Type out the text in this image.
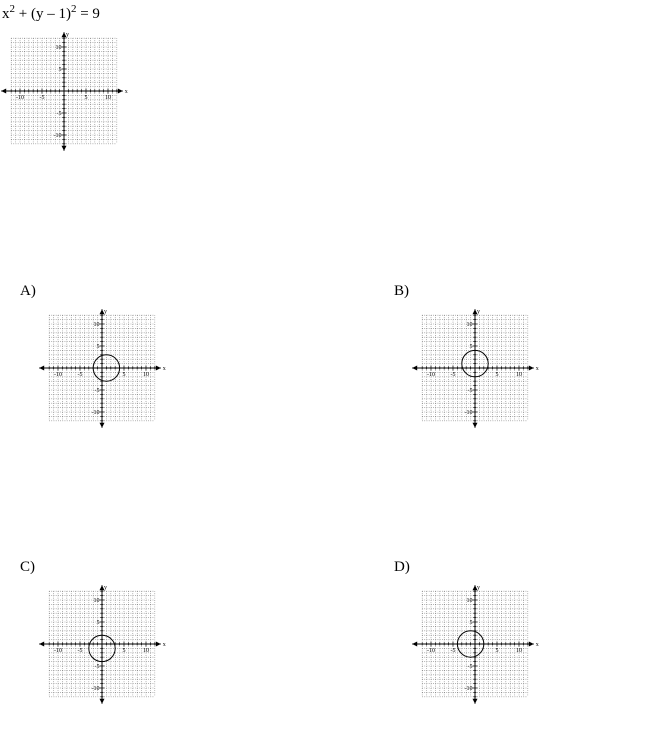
$x^2 + (y - 1)^2 = 9$
-10	-5	5	10
10
5
-5
-10
x
y
A)
-10	-5	5	10
10
5
-5
-10
x
y
B)
-10	-5	5	10
10
5
-5
-10
x
y
C)
-10	-5	5	10
10
5
-5
-10
x
y
D)
-10	-5	5	10
10
5
-5
-10
x
y
